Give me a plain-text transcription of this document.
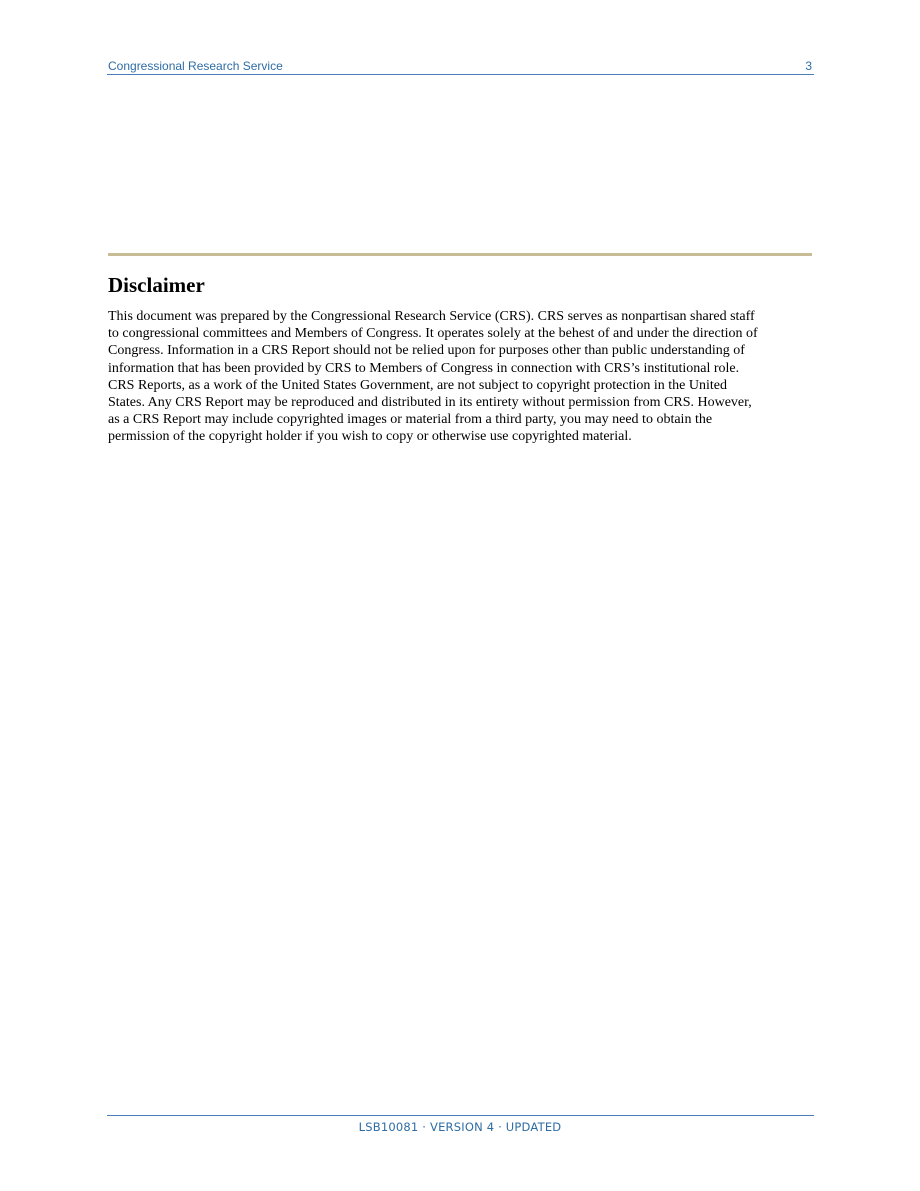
Congressional Research Service	3
Disclaimer

This document was prepared by the Congressional Research Service (CRS). CRS serves as nonpartisan shared staff
to congressional committees and Members of Congress. It operates solely at the behest of and under the direction of
Congress. Information in a CRS Report should not be relied upon for purposes other than public understanding of
information that has been provided by CRS to Members of Congress in connection with CRS’s institutional role.
CRS Reports, as a work of the United States Government, are not subject to copyright protection in the United
States. Any CRS Report may be reproduced and distributed in its entirety without permission from CRS. However,
as a CRS Report may include copyrighted images or material from a third party, you may need to obtain the
permission of the copyright holder if you wish to copy or otherwise use copyrighted material.

LSB10081 · VERSION 4 · UPDATED
